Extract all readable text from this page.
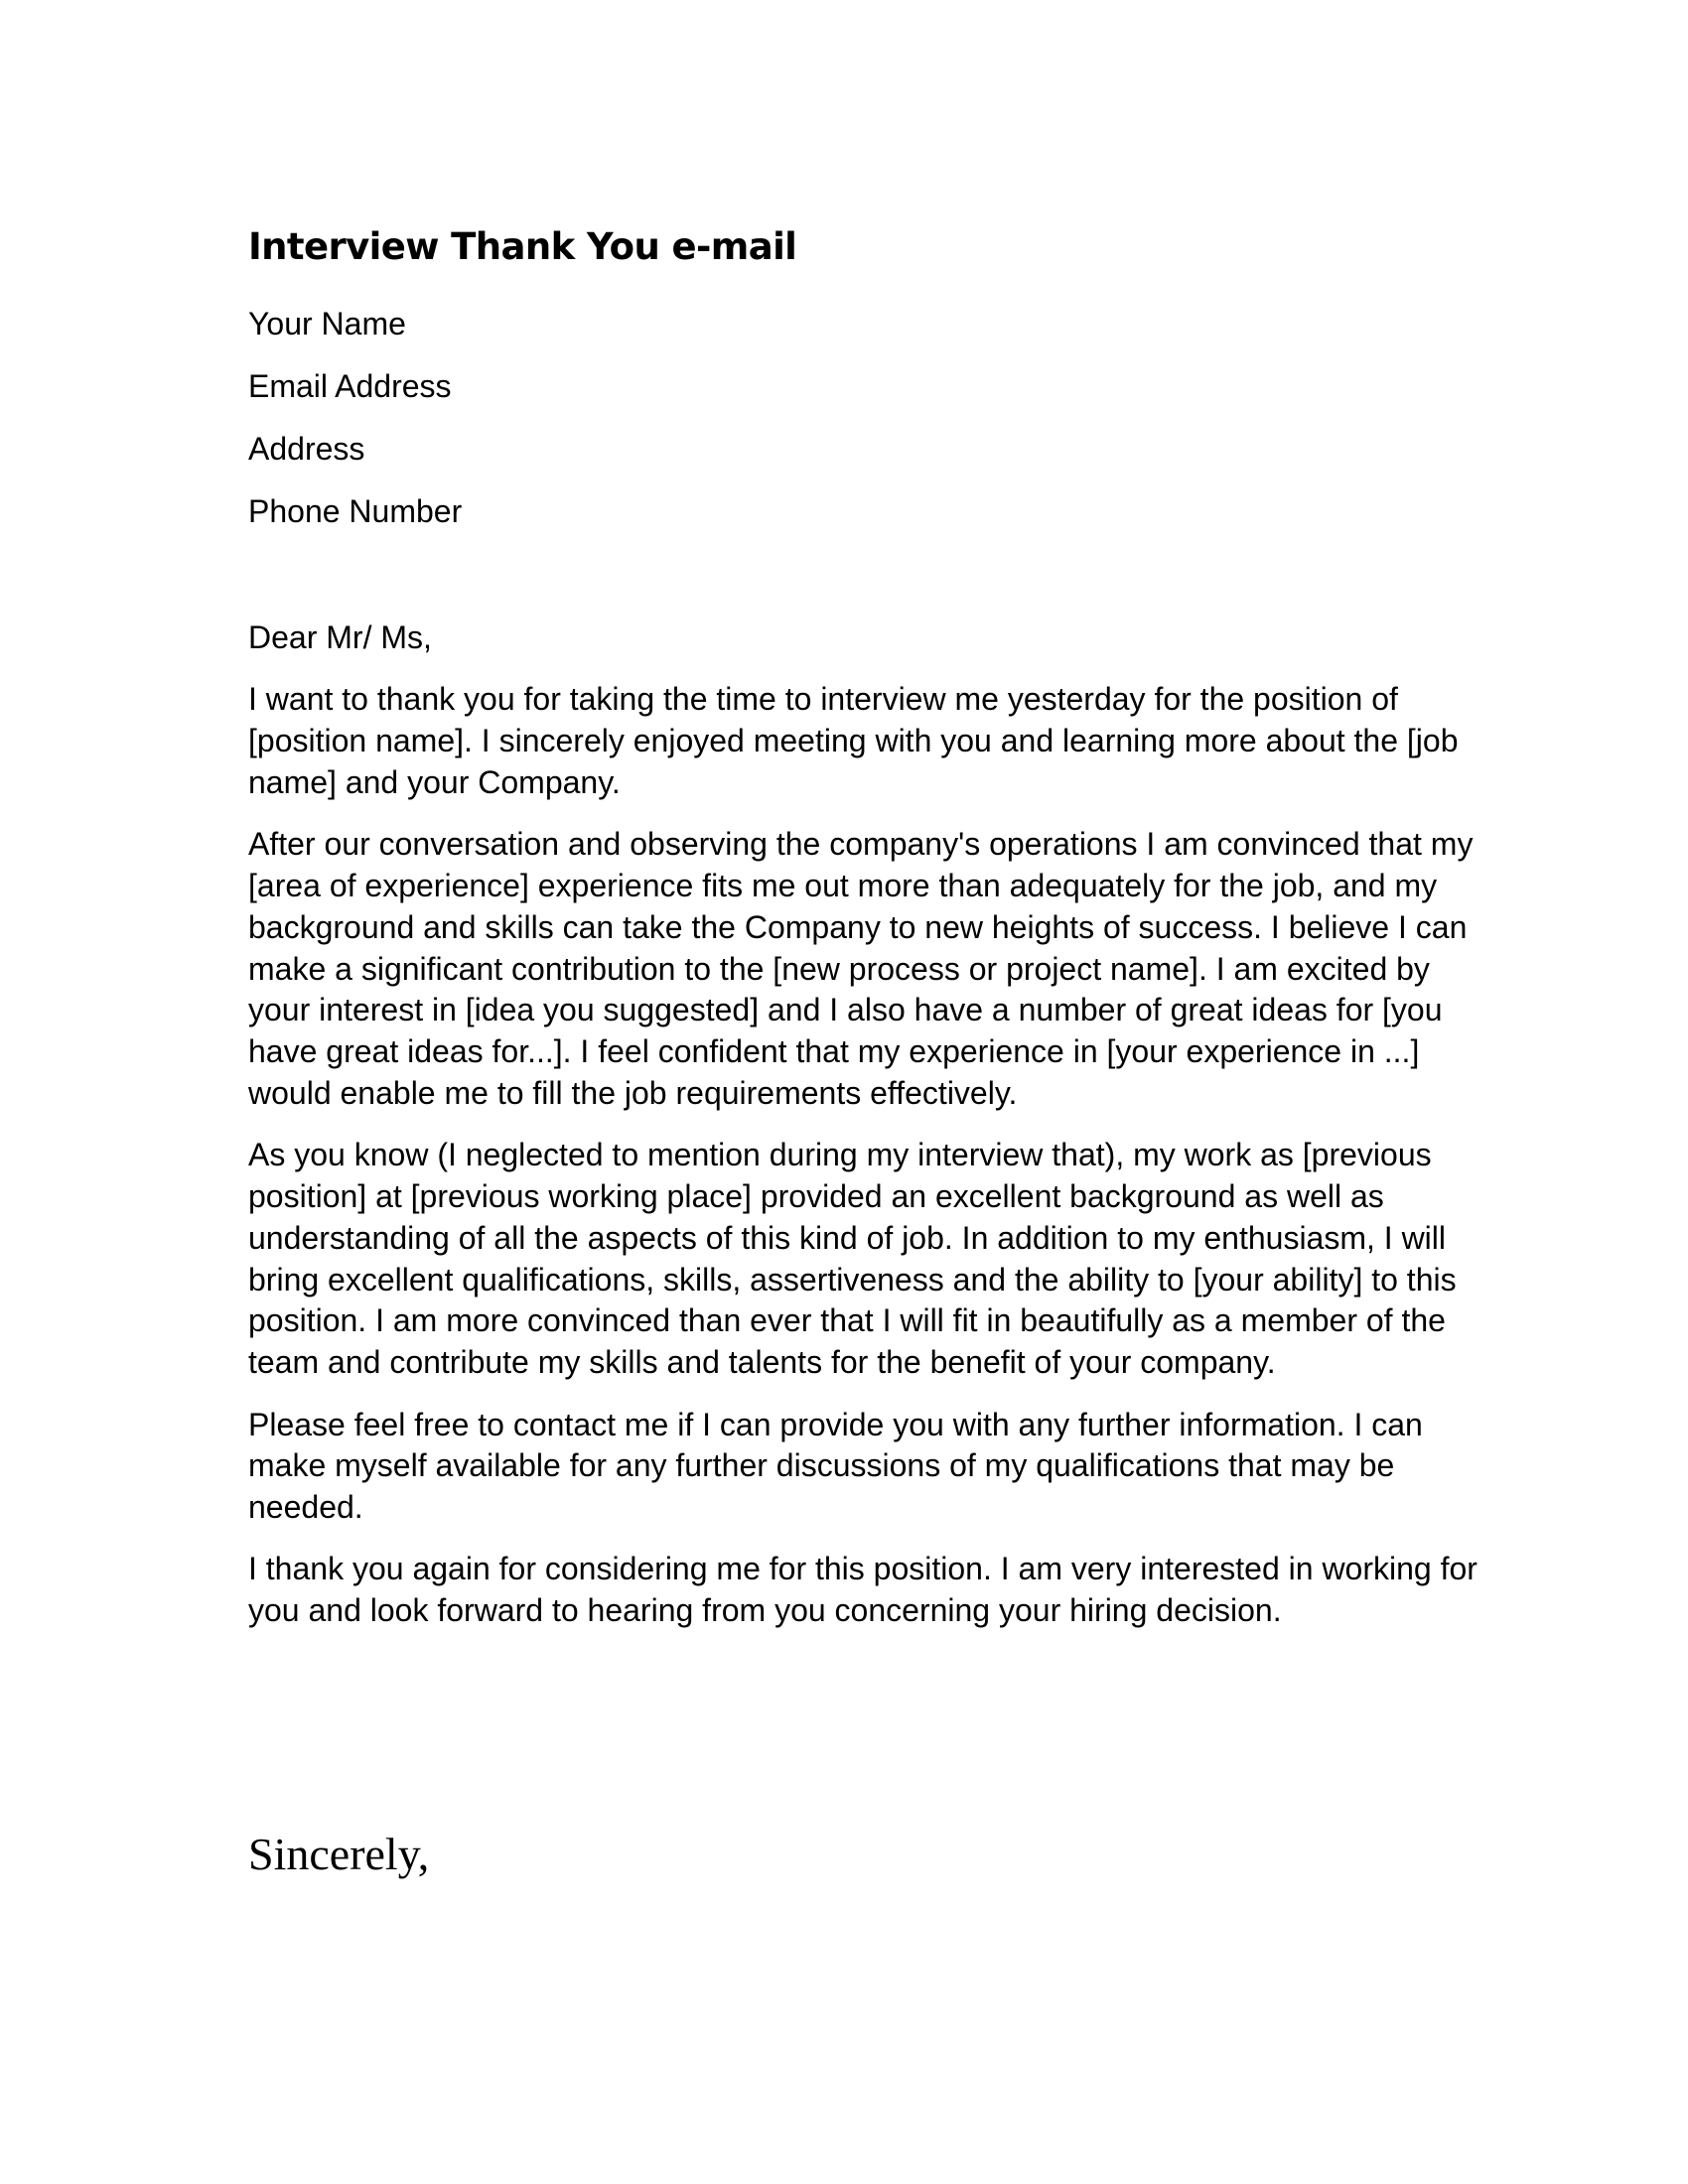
Interview Thank You e-mail
Your Name
Email Address
Address
Phone Number
Dear Mr/ Ms,

I want to thank you for taking the time to interview me yesterday for the position of [position name]. I sincerely enjoyed meeting with you and learning more about the [job name] and your Company.

After our conversation and observing the company's operations I am convinced that my [area of experience] experience fits me out more than adequately for the job, and my background and skills can take the Company to new heights of success. I believe I can make a significant contribution to the [new process or project name]. I am excited by your interest in [idea you suggested] and I also have a number of great ideas for [you have great ideas for...]. I feel confident that my experience in [your experience in ...] would enable me to fill the job requirements effectively.

As you know (I neglected to mention during my interview that), my work as [previous position] at [previous working place] provided an excellent background as well as understanding of all the aspects of this kind of job. In addition to my enthusiasm, I will bring excellent qualifications, skills, assertiveness and the ability to [your ability] to this position. I am more convinced than ever that I will fit in beautifully as a member of the team and contribute my skills and talents for the benefit of your company.

Please feel free to contact me if I can provide you with any further information. I can make myself available for any further discussions of my qualifications that may be needed.

I thank you again for considering me for this position. I am very interested in working for you and look forward to hearing from you concerning your hiring decision.

Sincerely,
